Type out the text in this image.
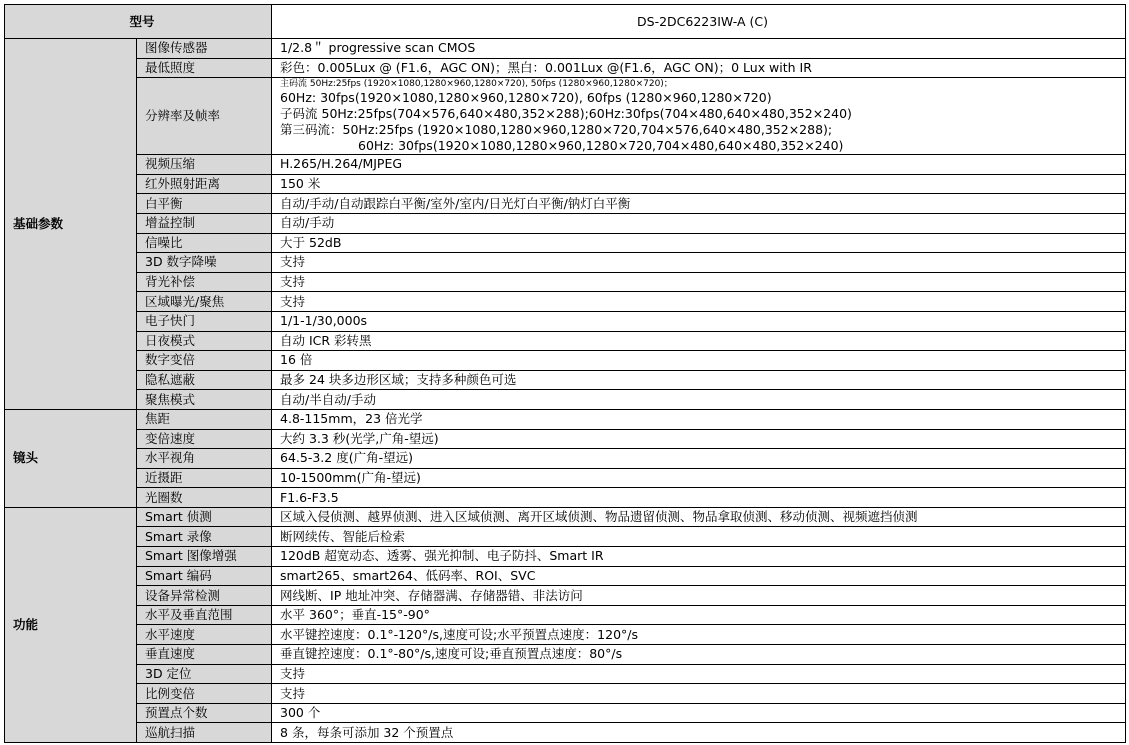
型号		DS-2DC6223IW-A (C)
基础参数	图像传感器	1/2.8＂ progressive scan CMOS
	最低照度	彩色：0.005Lux @ (F1.6，AGC ON)；黑白：0.001Lux @(F1.6，AGC ON)；0 Lux with IR
	分辨率及帧率	主码流 50Hz:25fps (1920×1080,1280×960,1280×720), 50fps (1280×960,1280×720)；
60Hz: 30fps(1920×1080,1280×960,1280×720), 60fps (1280×960,1280×720)
子码流 50Hz:25fps(704×576,640×480,352×288);60Hz:30fps(704×480,640×480,352×240)
第三码流：50Hz:25fps (1920×1080,1280×960,1280×720,704×576,640×480,352×288);
60Hz: 30fps(1920×1080,1280×960,1280×720,704×480,640×480,352×240)

	视频压缩	H.265/H.264/MJPEG
	红外照射距离	150 米
	白平衡	自动/手动/自动跟踪白平衡/室外/室内/日光灯白平衡/钠灯白平衡
	增益控制	自动/手动
	信噪比	大于 52dB
	3D 数字降噪	支持
	背光补偿	支持
	区域曝光/聚焦	支持
	电子快门	1/1-1/30,000s
	日夜模式	自动 ICR 彩转黑
	数字变倍	16 倍
	隐私遮蔽	最多 24 块多边形区域；支持多种颜色可选
	聚焦模式	自动/半自动/手动
镜头	焦距	4.8-115mm，23 倍光学
	变倍速度	大约 3.3 秒(光学,广角-望远)
	水平视角	64.5-3.2 度(广角-望远)
	近摄距	10-1500mm(广角-望远)
	光圈数	F1.6-F3.5
功能	Smart 侦测	区域入侵侦测、越界侦测、进入区域侦测、离开区域侦测、物品遗留侦测、物品拿取侦测、移动侦测、视频遮挡侦测
	Smart 录像	断网续传、智能后检索
	Smart 图像增强	120dB 超宽动态、透雾、强光抑制、电子防抖、Smart IR
	Smart 编码	smart265、smart264、低码率、ROI、SVC
	设备异常检测	网线断、IP 地址冲突、存储器满、存储器错、非法访问
	水平及垂直范围	水平 360°；垂直-15°-90°
	水平速度	水平键控速度：0.1°-120°/s,速度可设;水平预置点速度：120°/s
	垂直速度	垂直键控速度：0.1°-80°/s,速度可设;垂直预置点速度：80°/s
	3D 定位	支持
	比例变倍	支持
	预置点个数	300 个
	巡航扫描	8 条，每条可添加 32 个预置点
